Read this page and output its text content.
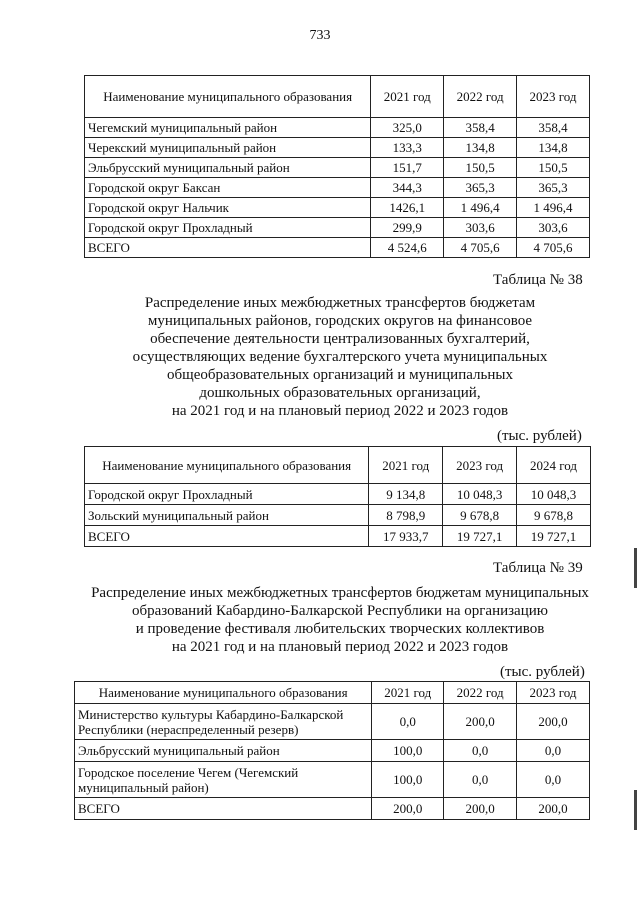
733
Наименование муниципального образования	2021 год	2022 год	2023 год
Чегемский муниципальный район	325,0	358,4	358,4
Черекский муниципальный район	133,3	134,8	134,8
Эльбрусский муниципальный район	151,7	150,5	150,5
Городской округ Баксан	344,3	365,3	365,3
Городской округ Нальчик	1426,1	1 496,4	1 496,4
Городской округ Прохладный	299,9	303,6	303,6
ВСЕГО	4 524,6	4 705,6	4 705,6
Таблица № 38
Распределение иных межбюджетных трансфертов бюджетам
муниципальных районов, городских округов на финансовое
обеспечение деятельности централизованных бухгалтерий,
осуществляющих ведение бухгалтерского учета муниципальных
общеобразовательных организаций и муниципальных
дошкольных образовательных организаций,
на 2021 год и на плановый период 2022 и 2023 годов
(тыс. рублей)
Наименование муниципального образования	2021 год	2023 год	2024 год
Городской округ Прохладный	9 134,8	10 048,3	10 048,3
Зольский муниципальный район	8 798,9	9 678,8	9 678,8
ВСЕГО	17 933,7	19 727,1	19 727,1
Таблица № 39
Распределение иных межбюджетных трансфертов бюджетам муниципальных
образований Кабардино-Балкарской Республики на организацию
и проведение фестиваля любительских творческих коллективов
на 2021 год и на плановый период 2022 и 2023 годов
(тыс. рублей)
Наименование муниципального образования	2021 год	2022 год	2023 год
Министерство культуры Кабардино-Балкарской Республики (нераспределенный резерв)	0,0	200,0	200,0
Эльбрусский муниципальный район	100,0	0,0	0,0
Городское поселение Чегем (Чегемский муниципальный район)	100,0	0,0	0,0
ВСЕГО	200,0	200,0	200,0
